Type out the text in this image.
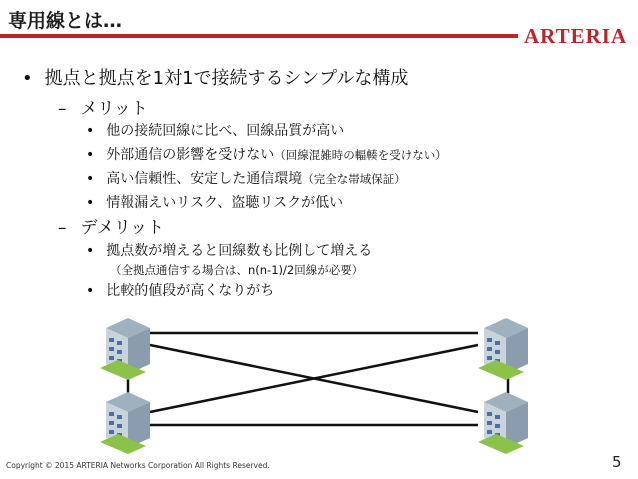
専用線とは…
ARTERIA
• 拠点と拠点を1対1で接続するシンプルな構成
– メリット
• 他の接続回線に比べ、回線品質が高い
• 外部通信の影響を受けない（回線混雑時の輻輳を受けない）
• 高い信頼性、安定した通信環境（完全な帯域保証）
• 情報漏えいリスク、盗聴リスクが低い
– デメリット
• 拠点数が増えると回線数も比例して増える
（全拠点通信する場合は、n(n-1)/2回線が必要）
• 比較的値段が高くなりがち
Copyright © 2015 ARTERIA Networks Corporation All Rights Reserved.	5
